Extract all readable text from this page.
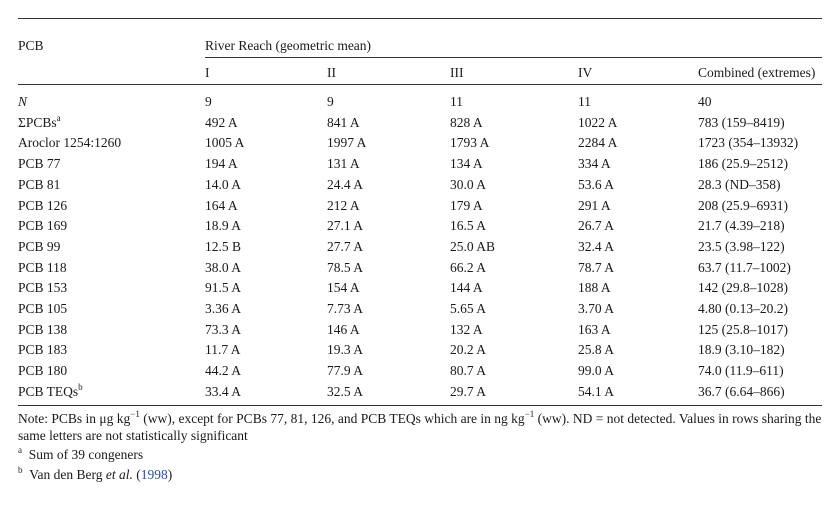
PCB	River Reach (geometric mean)
I	II	III	IV	Combined (extremes)
N	9	9	11	11	40
ΣPCBs$^a$	492 A	841 A	828 A	1022 A	783 (159–8419)
Aroclor 1254:1260	1005 A	1997 A	1793 A	2284 A	1723 (354–13932)
PCB 77	194 A	131 A	134 A	334 A	186 (25.9–2512)
PCB 81	14.0 A	24.4 A	30.0 A	53.6 A	28.3 (ND–358)
PCB 126	164 A	212 A	179 A	291 A	208 (25.9–6931)
PCB 169	18.9 A	27.1 A	16.5 A	26.7 A	21.7 (4.39–218)
PCB 99	12.5 B	27.7 A	25.0 AB	32.4 A	23.5 (3.98–122)
PCB 118	38.0 A	78.5 A	66.2 A	78.7 A	63.7 (11.7–1002)
PCB 153	91.5 A	154 A	144 A	188 A	142 (29.8–1028)
PCB 105	3.36 A	7.73 A	5.65 A	3.70 A	4.80 (0.13–20.2)
PCB 138	73.3 A	146 A	132 A	163 A	125 (25.8–1017)
PCB 183	11.7 A	19.3 A	20.2 A	25.8 A	18.9 (3.10–182)
PCB 180	44.2 A	77.9 A	80.7 A	99.0 A	74.0 (11.9–611)
PCB TEQs$^b$	33.4 A	32.5 A	29.7 A	54.1 A	36.7 (6.64–866)
Note: PCBs in μg $kg^{-1}$ (ww), except for PCBs 77, 81, 126, and PCB TEQs which are in ng $kg^{-1}$ (ww). ND = not detected. Values in rows sharing the same letters are not statistically significant
$^a$ Sum of 39 congeners
$^b$ Van den Berg et al. (1998)
